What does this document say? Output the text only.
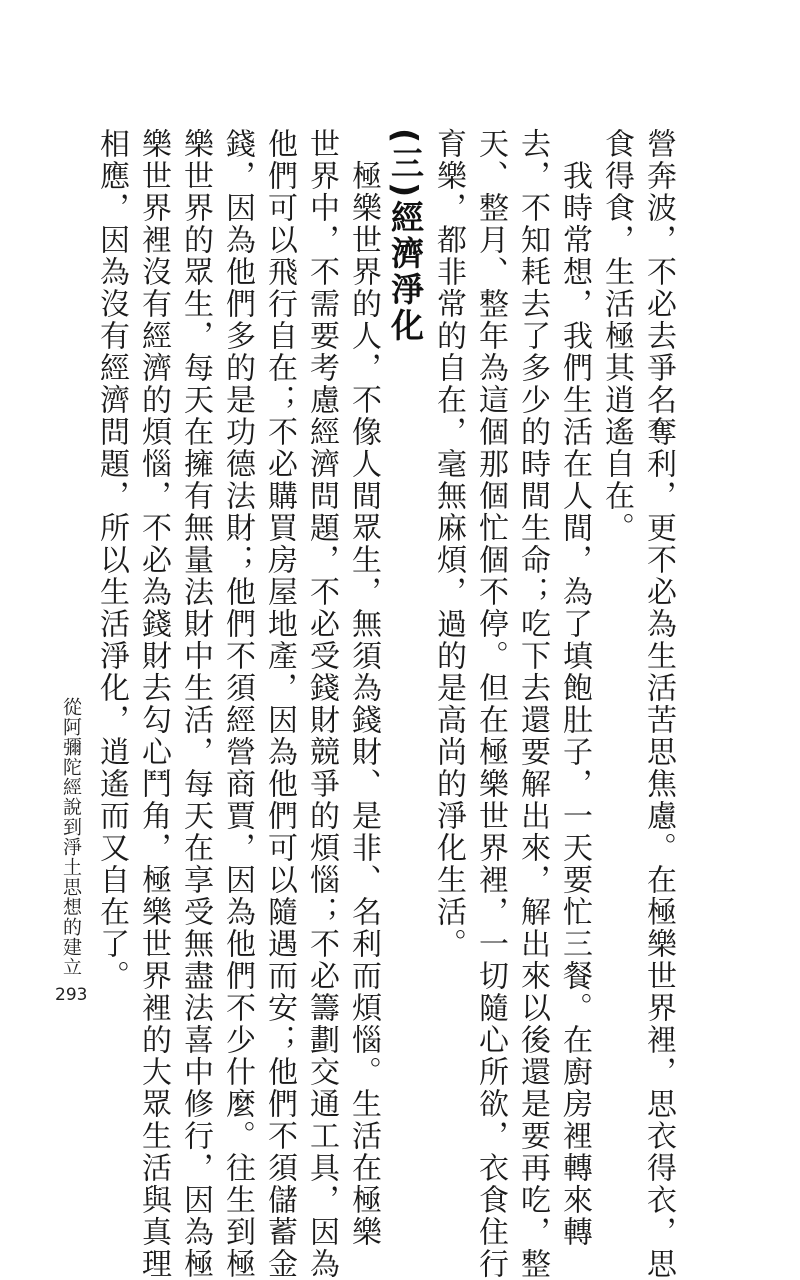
營奔波，不必去爭名奪利，更不必為生活苦思焦慮。在極樂世界裡，思衣得衣，思

食得食，生活極其逍遙自在。

　我時常想，我們生活在人間，為了填飽肚子，一天要忙三餐。在廚房裡轉來轉

去，不知耗去了多少的時間生命；吃下去還要解出來，解出來以後還是要再吃，整

天、整月、整年為這個那個忙個不停。但在極樂世界裡，一切隨心所欲，衣食住行

育樂，都非常的自在，毫無麻煩，過的是高尚的淨化生活。

(三)經濟淨化

　極樂世界的人，不像人間眾生，無須為錢財、是非、名利而煩惱。生活在極樂

世界中，不需要考慮經濟問題，不必受錢財競爭的煩惱；不必籌劃交通工具，因為

他們可以飛行自在；不必購買房屋地產，因為他們可以隨遇而安；他們不須儲蓄金

錢，因為他們多的是功德法財；他們不須經營商賈，因為他們不少什麼。往生到極

樂世界的眾生，每天在擁有無量法財中生活，每天在享受無盡法喜中修行，因為極

樂世界裡沒有經濟的煩惱，不必為錢財去勾心鬥角，極樂世界裡的大眾生活與真理

相應，因為沒有經濟問題，所以生活淨化，逍遙而又自在了。

從阿彌陀經說到淨土思想的建立
293
